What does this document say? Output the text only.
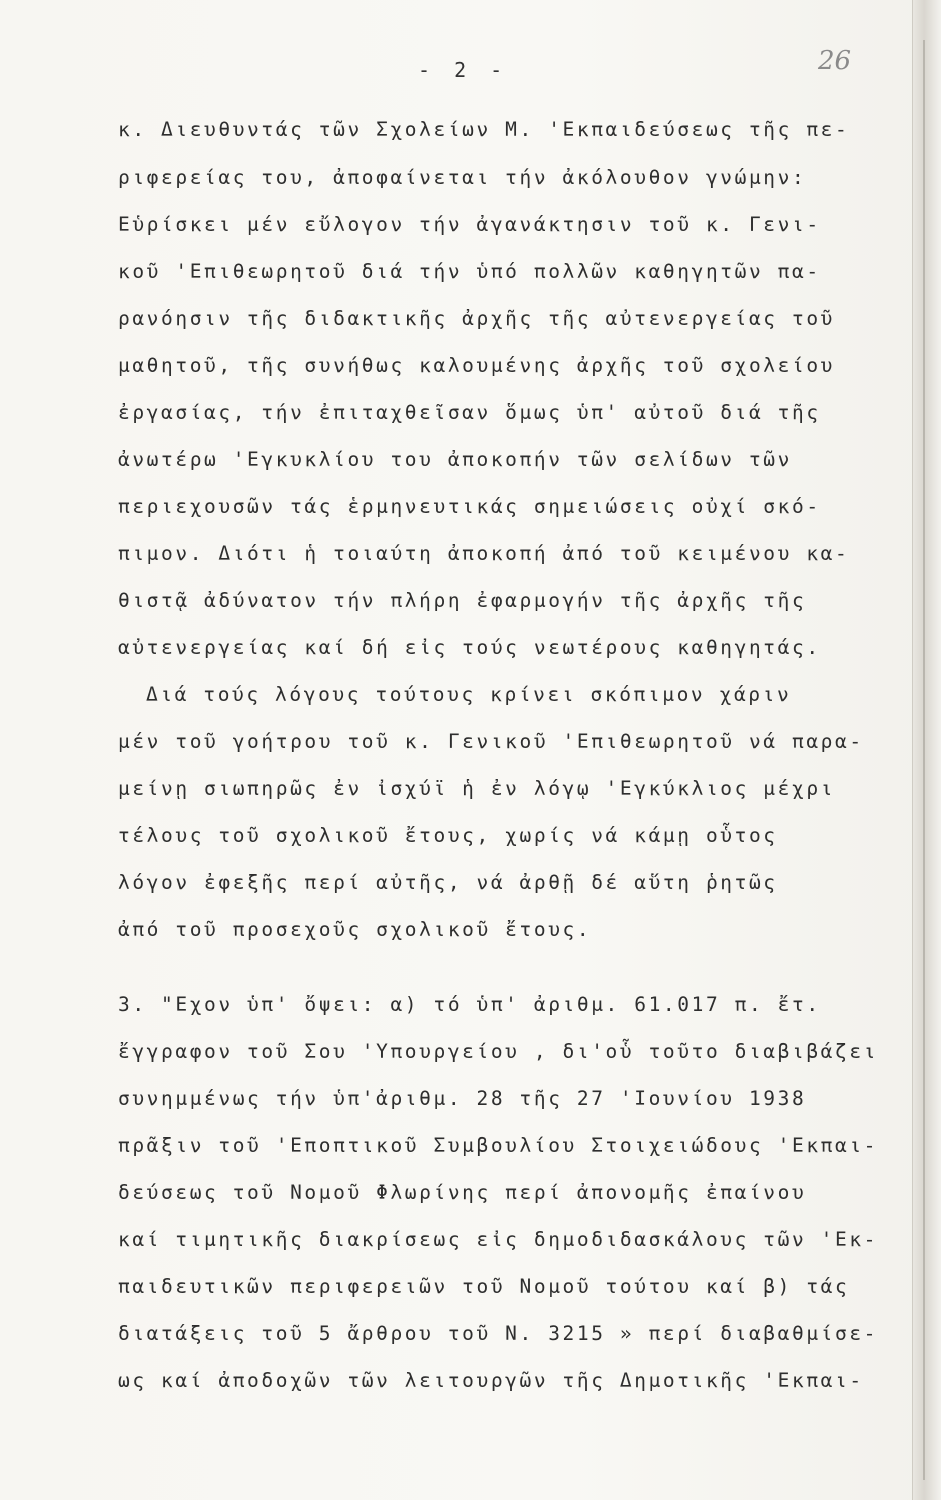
- 2 -	26
κ. Διευθυντάς τῶν Σχολείων Μ. 'Εκπαιδεύσεως τῆς πε-
ριφερείας του, ἀποφαίνεται τήν ἀκόλουθον γνώμην:
Εὑρίσκει μέν εὔλογον τήν ἀγανάκτησιν τοῦ κ. Γενι-
κοῦ 'Επιθεωρητοῦ διά τήν ὑπό πολλῶν καθηγητῶν πα-
ρανόησιν τῆς διδακτικῆς ἀρχῆς τῆς αὐτενεργείας τοῦ
μαθητοῦ, τῆς συνήθως καλουμένης ἀρχῆς τοῦ σχολείου
ἐργασίας, τήν ἐπιταχθεῖσαν ὅμως ὑπ' αὐτοῦ διά τῆς
ἀνωτέρω 'Εγκυκλίου του ἀποκοπήν τῶν σελίδων τῶν
περιεχουσῶν τάς ἑρμηνευτικάς σημειώσεις οὐχί σκό-
πιμον. Διότι ἡ τοιαύτη ἀποκοπή ἀπό τοῦ κειμένου κα-
θιστᾷ ἀδύνατον τήν πλήρη ἐφαρμογήν τῆς ἀρχῆς τῆς
αὐτενεργείας καί δή εἰς τούς νεωτέρους καθηγητάς.
Διά τούς λόγους τούτους κρίνει σκόπιμον χάριν
μέν τοῦ γοήτρου τοῦ κ. Γενικοῦ 'Επιθεωρητοῦ νά παρα-
μείνῃ σιωπηρῶς ἐν ἰσχύϊ ἡ ἐν λόγῳ 'Εγκύκλιος μέχρι
τέλους τοῦ σχολικοῦ ἔτους, χωρίς νά κάμῃ οὗτος
λόγον ἐφεξῆς περί αὐτῆς, νά ἀρθῇ δέ αὕτη ῥητῶς
ἀπό τοῦ προσεχοῦς σχολικοῦ ἔτους.
3. "Εχον ὑπ' ὄψει: α) τό ὑπ' ἀριθμ. 61.017 π. ἔτ.
ἔγγραφον τοῦ Σου 'Υπουργείου , δι'οὗ τοῦτο διαβιβάζει
συνημμένως τήν ὑπ'ἀριθμ. 28 τῆς 27 'Ιουνίου 1938
πρᾶξιν τοῦ 'Εποπτικοῦ Συμβουλίου Στοιχειώδους 'Εκπαι-
δεύσεως τοῦ Νομοῦ Φλωρίνης περί ἀπονομῆς ἐπαίνου
καί τιμητικῆς διακρίσεως εἰς δημοδιδασκάλους τῶν 'Εκ-
παιδευτικῶν περιφερειῶν τοῦ Νομοῦ τούτου καί β) τάς
διατάξεις τοῦ 5 ἄρθρου τοῦ Ν. 3215 » περί διαβαθμίσε-
ως καί ἀποδοχῶν τῶν λειτουργῶν τῆς Δημοτικῆς 'Εκπαι-
